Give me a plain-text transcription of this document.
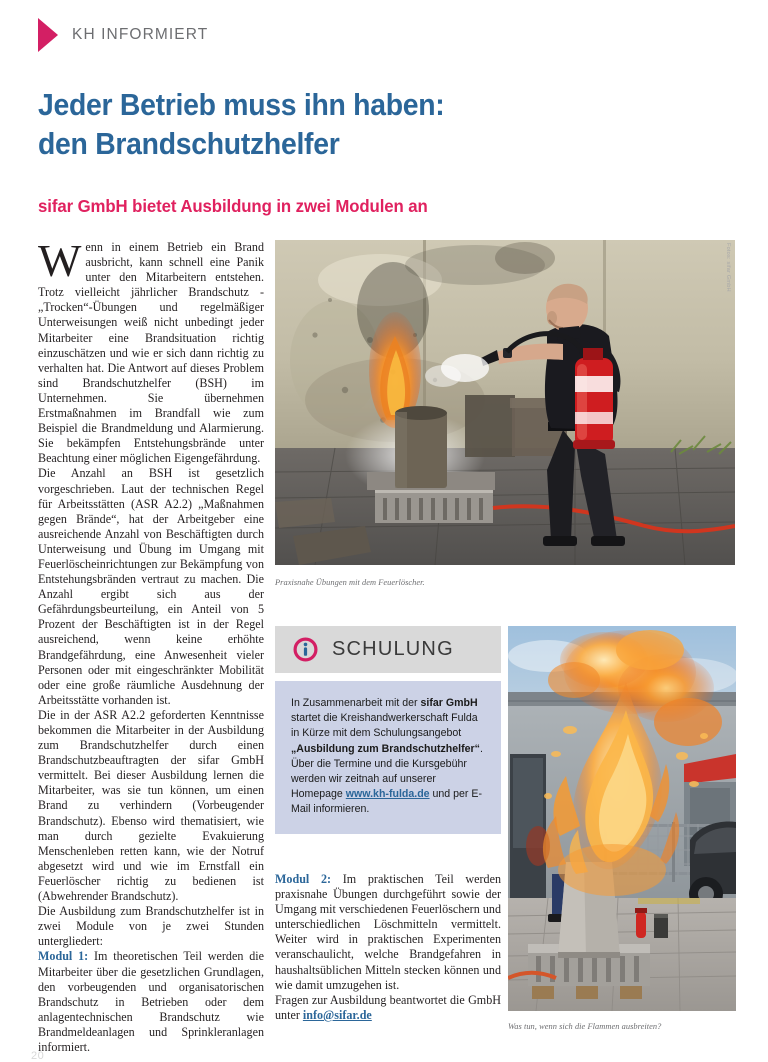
KH INFORMIERT
Jeder Betrieb muss ihn haben:
den Brandschutzhelfer
sifar GmbH bietet Ausbildung in zwei Modulen an

Wenn in einem Betrieb ein Brand ausbricht, kann schnell eine Panik unter den Mitarbeitern entstehen. Trotz vielleicht jährlicher Brandschutz - „Trocken“-Übungen und regelmäßiger Unterweisungen weiß nicht unbedingt jeder Mitarbeiter eine Brandsituation richtig einzuschätzen und wie er sich dann richtig zu verhalten hat. Die Antwort auf dieses Problem sind Brandschutzhelfer (BSH) im Unternehmen. Sie übernehmen Erstmaßnahmen im Brandfall wie zum Beispiel die Brandmeldung und Alarmierung. Sie bekämpfen Entstehungsbrände unter Beachtung einer möglichen Eigengefährdung.

Die Anzahl an BSH ist gesetzlich vorgeschrieben. Laut der technischen Regel für Arbeitsstätten (ASR A2.2) „Maßnahmen gegen Brände“, hat der Arbeitgeber eine ausreichende Anzahl von Beschäftigten durch Unterweisung und Übung im Umgang mit Feuerlöscheinrichtungen zur Bekämpfung von Entstehungsbränden vertraut zu machen. Die Anzahl ergibt sich aus der Gefährdungsbeurteilung, ein Anteil von 5 Prozent der Beschäftigten ist in der Regel ausreichend, wenn keine erhöhte Brandgefährdung, eine Anwesenheit vieler Personen oder mit eingeschränkter Mobilität oder eine große räumliche Ausdehnung der Arbeitsstätte vorhanden ist.

Die in der ASR A2.2 geforderten Kenntnisse bekommen die Mitarbeiter in der Ausbildung zum Brandschutzhelfer durch einen Brandschutzbeauftragten der sifar GmbH vermittelt. Bei dieser Ausbildung lernen die Mitarbeiter, was sie tun können, um einen Brand zu verhindern (Vorbeugender Brandschutz). Ebenso wird thematisiert, wie man durch gezielte Evakuierung Menschenleben retten kann, wie der Notruf abgesetzt wird und wie im Ernstfall ein Feuerlöscher richtig zu bedienen ist (Abwehrender Brandschutz).

Die Ausbildung zum Brandschutzhelfer ist in zwei Module von je zwei Stunden untergliedert:

Modul 1: Im theoretischen Teil werden die Mitarbeiter über die gesetzlichen Grundlagen, den vorbeugenden und organisatorischen Brandschutz in Betrieben oder dem anlagentechnischen Brandschutz wie Brandmeldeanlagen und Sprinkleranlagen informiert.

Fotos: sifar GmbH
Praxisnahe Übungen mit dem Feuerlöscher.
SCHULUNG
In Zusammenarbeit mit der sifar GmbH startet die Kreishandwerkerschaft Fulda in Kürze mit dem Schulungsangebot „Ausbildung zum Brandschutzhelfer“. Über die Termine und die Kursgebühr werden wir zeitnah auf unserer Homepage www.kh-fulda.de und per E-Mail informieren.

Modul 2: Im praktischen Teil werden praxisnahe Übungen durchgeführt sowie der Umgang mit verschiedenen Feuerlöschern und unterschiedlichen Löschmitteln vermittelt. Weiter wird in praktischen Experimenten veranschaulicht, welche Brandgefahren in haushaltsüblichen Mitteln stecken können und wie damit umzugehen ist.

Fragen zur Ausbildung beantwortet die GmbH unter info@sifar.de

Was tun, wenn sich die Flammen ausbreiten?
20
